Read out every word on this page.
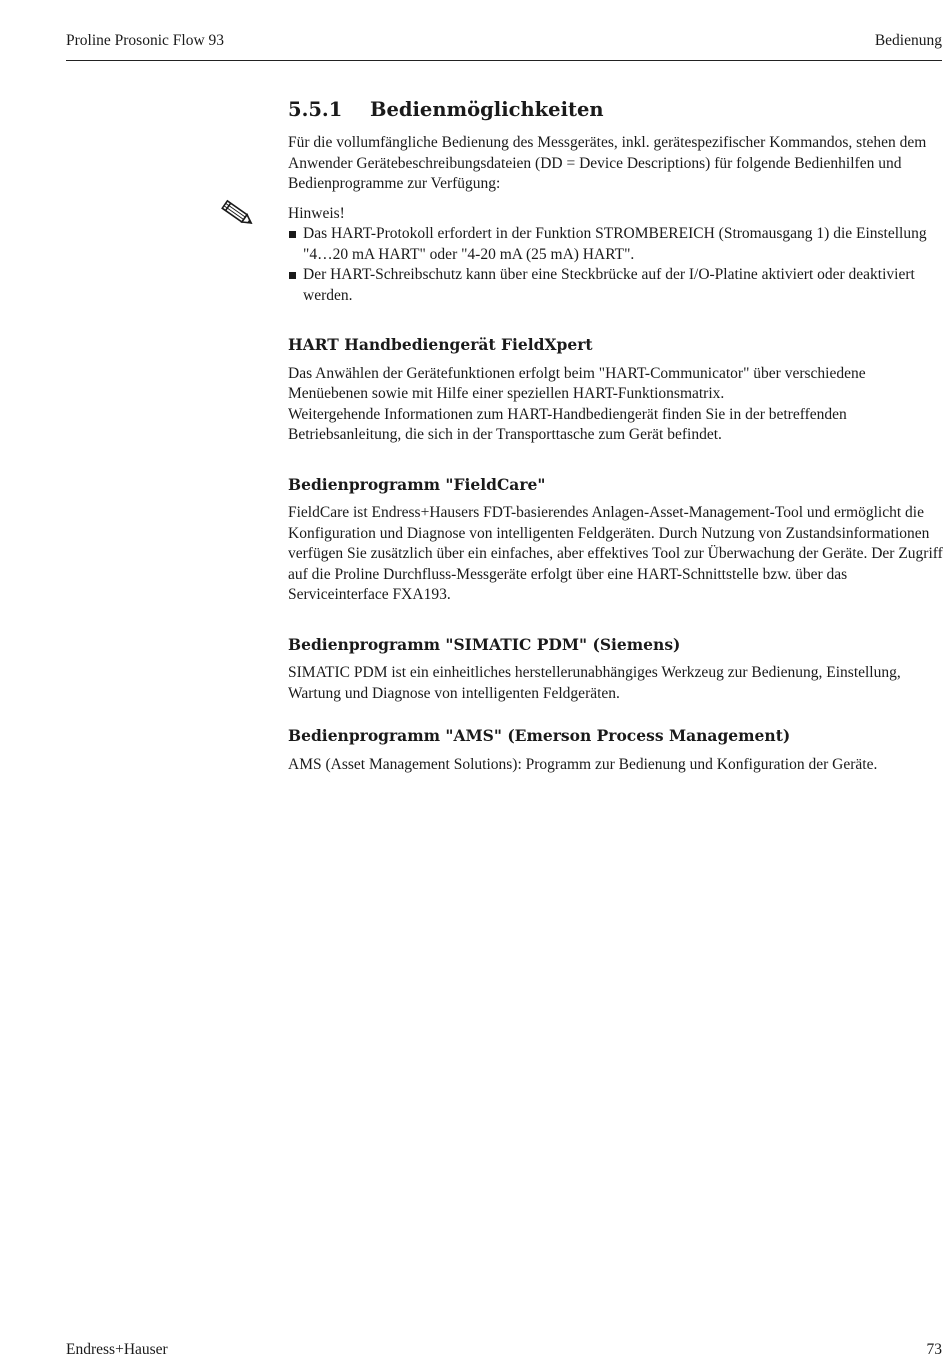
Proline Prosonic Flow 93	Bedienung
5.5.1 Bedienmöglichkeiten

Für die vollumfängliche Bedienung des Messgerätes, inkl. gerätespezifischer Kommandos, stehen dem Anwender Gerätebeschreibungsdateien (DD = Device Descriptions) für folgende Bedienhilfen und Bedienprogramme zur Verfügung:

Hinweis!

Das HART-Protokoll erfordert in der Funktion STROMBEREICH (Stromausgang 1) die Einstellung "4…20 mA HART" oder "4-20 mA (25 mA) HART".
Der HART-Schreibschutz kann über eine Steckbrücke auf der I/O-Platine aktiviert oder deaktiviert werden.
HART Handbediengerät FieldXpert

Das Anwählen der Gerätefunktionen erfolgt beim "HART-Communicator" über verschiedene Menüebenen sowie mit Hilfe einer speziellen HART-Funktionsmatrix.

Weitergehende Informationen zum HART-Handbediengerät finden Sie in der betreffenden Betriebsanleitung, die sich in der Transporttasche zum Gerät befindet.

Bedienprogramm "FieldCare"

FieldCare ist Endress+Hausers FDT-basierendes Anlagen-Asset-Management-Tool und ermöglicht die Konfiguration und Diagnose von intelligenten Feldgeräten. Durch Nutzung von Zustandsinformationen verfügen Sie zusätzlich über ein einfaches, aber effektives Tool zur Überwachung der Geräte. Der Zugriff auf die Proline Durchfluss-Messgeräte erfolgt über eine HART-Schnittstelle bzw. über das Serviceinterface FXA193.

Bedienprogramm "SIMATIC PDM" (Siemens)

SIMATIC PDM ist ein einheitliches herstellerunabhängiges Werkzeug zur Bedienung, Einstellung, Wartung und Diagnose von intelligenten Feldgeräten.

Bedienprogramm "AMS" (Emerson Process Management)

AMS (Asset Management Solutions): Programm zur Bedienung und Konfiguration der Geräte.

Endress+Hauser	73
